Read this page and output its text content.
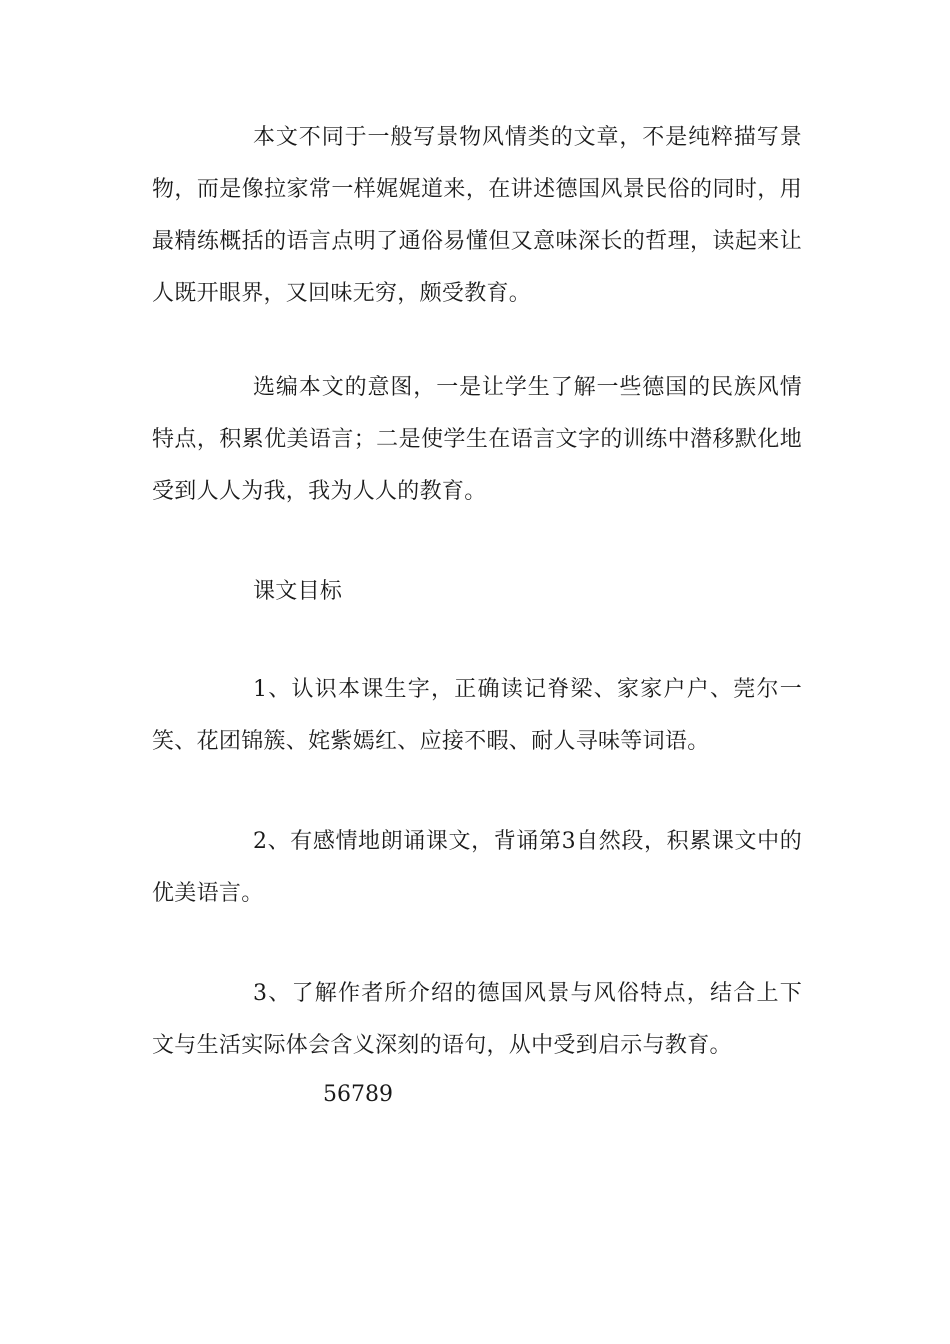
本文不同于一般写景物风情类的文章，不是纯粹描写景物，而是像拉家常一样娓娓道来，在讲述德国风景民俗的同时，用最精练概括的语言点明了通俗易懂但又意味深长的哲理，读起来让人既开眼界，又回味无穷，颇受教育。

选编本文的意图，一是让学生了解一些德国的民族风情特点，积累优美语言；二是使学生在语言文字的训练中潜移默化地受到人人为我，我为人人的教育。

课文目标

1、认识本课生字，正确读记脊梁、家家户户、莞尔一笑、花团锦簇、姹紫嫣红、应接不暇、耐人寻味等词语。

2、有感情地朗诵课文，背诵第3自然段，积累课文中的优美语言。

3、了解作者所介绍的德国风景与风俗特点，结合上下文与生活实际体会含义深刻的语句，从中受到启示与教育。

56789
